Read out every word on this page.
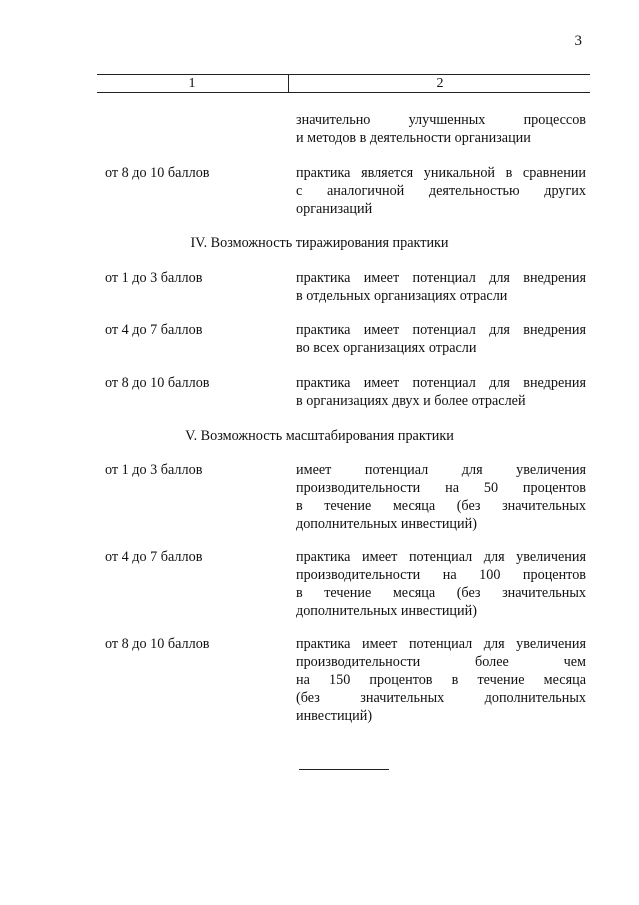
3
1	2
значительно улучшенных процессов
и методов в деятельности организации
от 8 до 10 баллов	практика является уникальной в сравнении
с аналогичной деятельностью других
организаций
IV. Возможность тиражирования практики
от 1 до 3 баллов	практика имеет потенциал для внедрения
в отдельных организациях отрасли
от 4 до 7 баллов	практика имеет потенциал для внедрения
во всех организациях отрасли
от 8 до 10 баллов	практика имеет потенциал для внедрения
в организациях двух и более отраслей
V. Возможность масштабирования практики
от 1 до 3 баллов	имеет потенциал для увеличения
производительности на 50 процентов
в течение месяца (без значительных
дополнительных инвестиций)
от 4 до 7 баллов	практика имеет потенциал для увеличения
производительности на 100 процентов
в течение месяца (без значительных
дополнительных инвестиций)
от 8 до 10 баллов	практика имеет потенциал для увеличения
производительности более чем
на 150 процентов в течение месяца
(без значительных дополнительных
инвестиций)
